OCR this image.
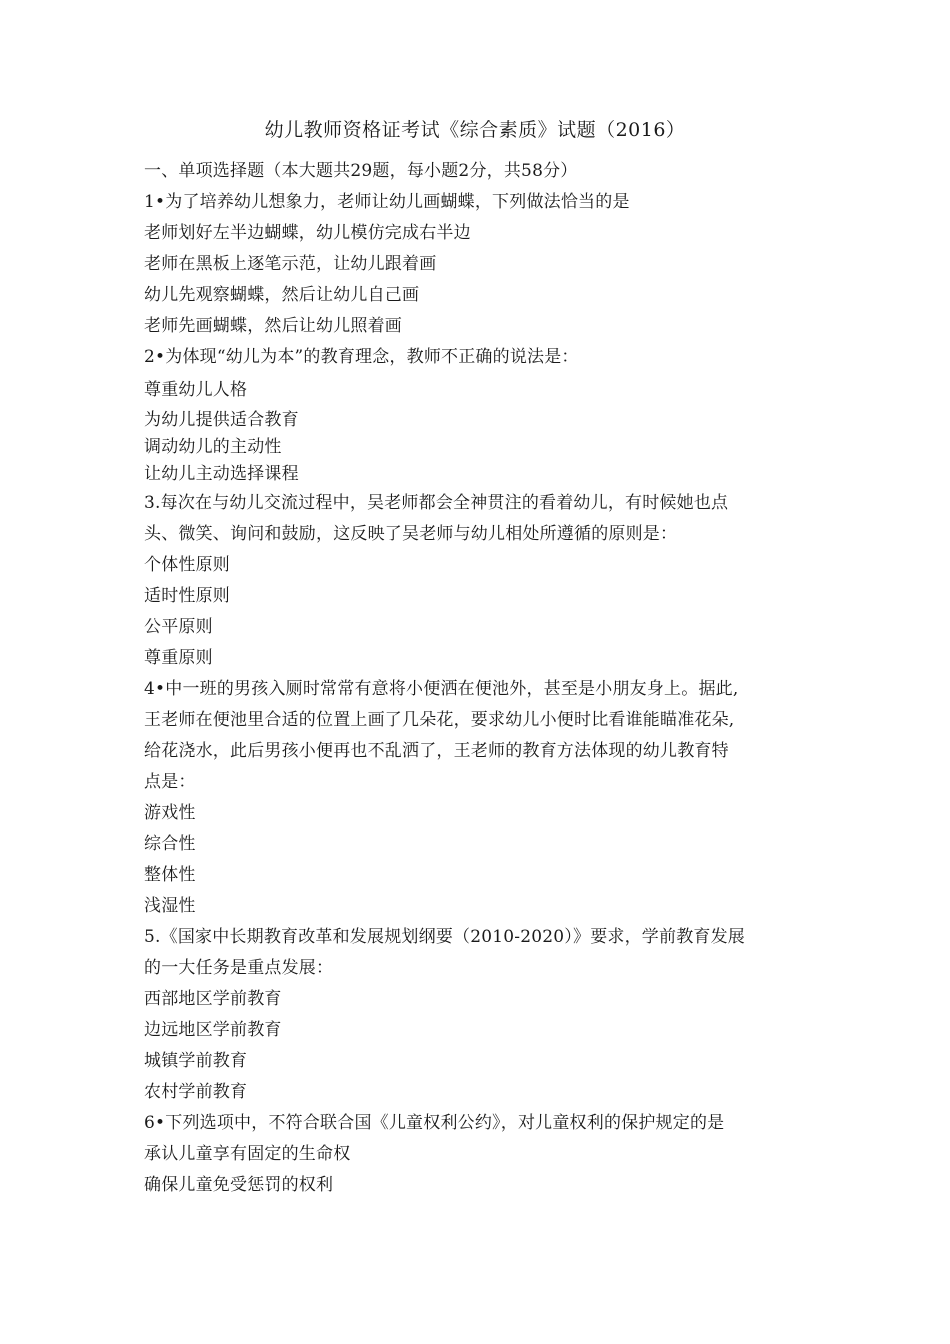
幼儿教师资格证考试《综合素质》试题（2016）
一、单项选择题（本大题共29题，每小题2分，共58分）
1•为了培养幼儿想象力，老师让幼儿画蝴蝶，下列做法恰当的是
老师划好左半边蝴蝶，幼儿模仿完成右半边
老师在黑板上逐笔示范，让幼儿跟着画
幼儿先观察蝴蝶，然后让幼儿自己画
老师先画蝴蝶，然后让幼儿照着画
2•为体现“幼儿为本”的教育理念，教师不正确的说法是：
尊重幼儿人格
为幼儿提供适合教育
调动幼儿的主动性
让幼儿主动选择课程
3.每次在与幼儿交流过程中，吴老师都会全神贯注的看着幼儿，有时候她也点
头、微笑、询问和鼓励，这反映了吴老师与幼儿相处所遵循的原则是：
个体性原则
适时性原则
公平原则
尊重原则
4•中一班的男孩入厕时常常有意将小便洒在便池外，甚至是小朋友身上。据此,
王老师在便池里合适的位置上画了几朵花，要求幼儿小便时比看谁能瞄准花朵,
给花浇水，此后男孩小便再也不乱洒了，王老师的教育方法体现的幼儿教育特
点是：
游戏性
综合性
整体性
浅湿性
5.《国家中长期教育改革和发展规划纲要（2010-2020）》要求，学前教育发展
的一大任务是重点发展：
西部地区学前教育
边远地区学前教育
城镇学前教育
农村学前教育
6•下列选项中，不符合联合国《儿童权利公约》，对儿童权利的保护规定的是
承认儿童享有固定的生命权
确保儿童免受惩罚的权利
